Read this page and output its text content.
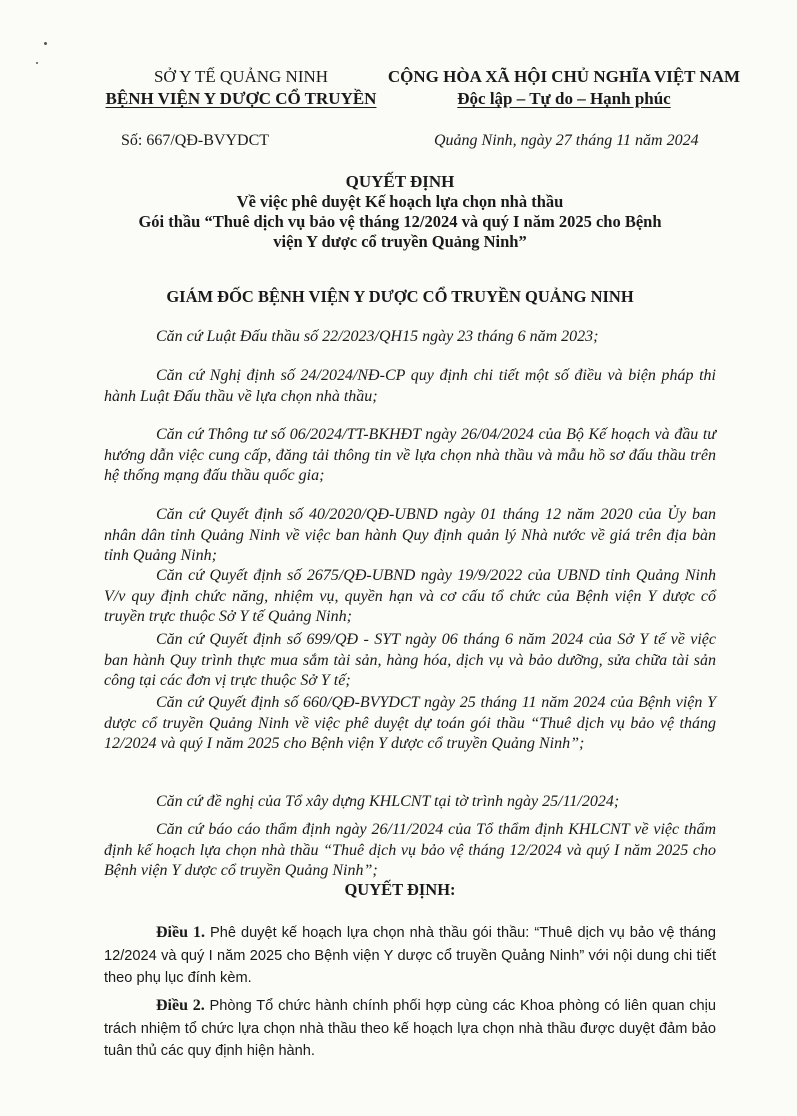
SỞ Y TẾ QUẢNG NINH
BỆNH VIỆN Y DƯỢC CỔ TRUYỀN
CỘNG HÒA XÃ HỘI CHỦ NGHĨA VIỆT NAM
Độc lập – Tự do – Hạnh phúc
Số: 667/QĐ-BVYDCT	Quảng Ninh, ngày 27 tháng 11 năm 2024
QUYẾT ĐỊNH
Về việc phê duyệt Kế hoạch lựa chọn nhà thầu
Gói thầu “Thuê dịch vụ bảo vệ tháng 12/2024 và quý I năm 2025 cho Bệnh
viện Y dược cổ truyền Quảng Ninh”
GIÁM ĐỐC BỆNH VIỆN Y DƯỢC CỔ TRUYỀN QUẢNG NINH

Căn cứ Luật Đấu thầu số 22/2023/QH15 ngày 23 tháng 6 năm 2023;

Căn cứ Nghị định số 24/2024/NĐ-CP quy định chi tiết một số điều và biện pháp thi hành Luật Đấu thầu về lựa chọn nhà thầu;

Căn cứ Thông tư số 06/2024/TT-BKHĐT ngày 26/04/2024 của Bộ Kế hoạch và đầu tư hướng dẫn việc cung cấp, đăng tải thông tin về lựa chọn nhà thầu và mẫu hồ sơ đấu thầu trên hệ thống mạng đấu thầu quốc gia;

Căn cứ Quyết định số 40/2020/QĐ-UBND ngày 01 tháng 12 năm 2020 của Ủy ban nhân dân tỉnh Quảng Ninh về việc ban hành Quy định quản lý Nhà nước về giá trên địa bàn tỉnh Quảng Ninh;

Căn cứ Quyết định số 2675/QĐ-UBND ngày 19/9/2022 của UBND tỉnh Quảng Ninh V/v quy định chức năng, nhiệm vụ, quyền hạn và cơ cấu tổ chức của Bệnh viện Y dược cổ truyền trực thuộc Sở Y tế Quảng Ninh;

Căn cứ Quyết định số 699/QĐ - SYT ngày 06 tháng 6 năm 2024 của Sở Y tế về việc ban hành Quy trình thực mua sắm tài sản, hàng hóa, dịch vụ và bảo dưỡng, sửa chữa tài sản công tại các đơn vị trực thuộc Sở Y tế;

Căn cứ Quyết định số 660/QĐ-BVYDCT ngày 25 tháng 11 năm 2024 của Bệnh viện Y dược cổ truyền Quảng Ninh về việc phê duyệt dự toán gói thầu “Thuê dịch vụ bảo vệ tháng 12/2024 và quý I năm 2025 cho Bệnh viện Y dược cổ truyền Quảng Ninh”;

Căn cứ đề nghị của Tổ xây dựng KHLCNT tại tờ trình ngày 25/11/2024;

Căn cứ báo cáo thẩm định ngày 26/11/2024 của Tổ thẩm định KHLCNT về việc thẩm định kế hoạch lựa chọn nhà thầu “Thuê dịch vụ bảo vệ tháng 12/2024 và quý I năm 2025 cho Bệnh viện Y dược cổ truyền Quảng Ninh”;

QUYẾT ĐỊNH:

Điều 1. Phê duyệt kế hoạch lựa chọn nhà thầu gói thầu: “Thuê dịch vụ bảo vệ tháng 12/2024 và quý I năm 2025 cho Bệnh viện Y dược cổ truyền Quảng Ninh” với nội dung chi tiết theo phụ lục đính kèm.

Điều 2. Phòng Tổ chức hành chính phối hợp cùng các Khoa phòng có liên quan chịu trách nhiệm tổ chức lựa chọn nhà thầu theo kế hoạch lựa chọn nhà thầu được duyệt đảm bảo tuân thủ các quy định hiện hành.
